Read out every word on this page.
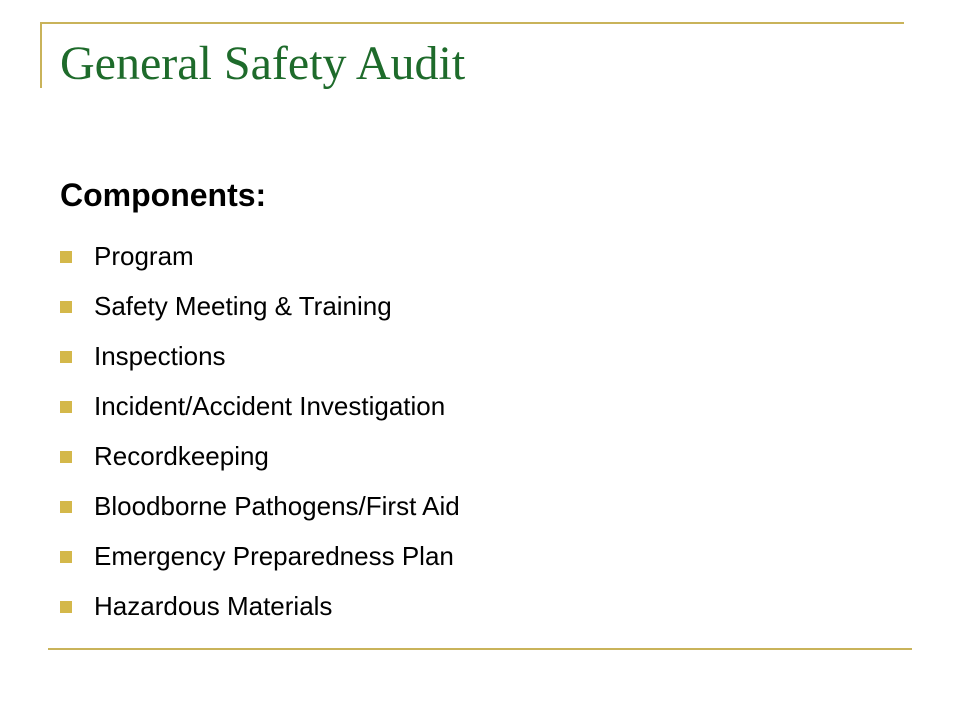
General Safety Audit
Components:
Program
Safety Meeting & Training
Inspections
Incident/Accident Investigation
Recordkeeping
Bloodborne Pathogens/First Aid
Emergency Preparedness Plan
Hazardous Materials
